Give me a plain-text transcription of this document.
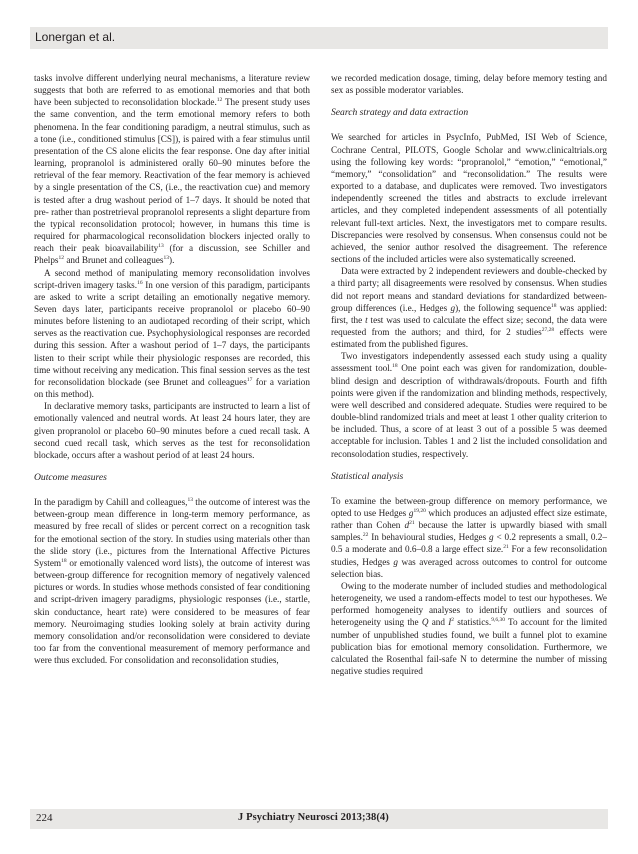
Lonergan et al.

tasks involve different underlying neural mechanisms, a literature review suggests that both are referred to as emotional memories and that both have been subjected to reconsolidation blockade.$^{12}$ The present study uses the same convention, and the term emotional memory refers to both phenomena. In the fear conditioning paradigm, a neutral stimulus, such as a tone (i.e., conditioned stimulus [CS]), is paired with a fear stimulus until presentation of the CS alone elicits the fear response. One day after initial learning, propranolol is administered orally 60–90 minutes before the retrieval of the fear memory. Reactivation of the fear memory is achieved by a single presentation of the CS, (i.e., the reactivation cue) and memory is tested after a drug washout period of 1–7 days. It should be noted that pre- rather than postretrieval propranolol represents a slight departure from the typical reconsolidation protocol; however, in humans this time is required for pharmacological reconsolidation blockers injected orally to reach their peak bioavailability$^{13}$ (for a discussion, see Schiller and Phelps$^{12}$ and Brunet and colleagues$^{13}$).

A second method of manipulating memory reconsolidation involves script-driven imagery tasks.$^{16}$ In one version of this paradigm, participants are asked to write a script detailing an emotionally negative memory. Seven days later, participants receive propranolol or placebo 60–90 minutes before listening to an audiotaped recording of their script, which serves as the reactivation cue. Psychophysiological responses are recorded during this session. After a washout period of 1–7 days, the participants listen to their script while their physiologic responses are recorded, this time without receiving any medication. This final session serves as the test for reconsolidation blockade (see Brunet and colleagues$^{17}$ for a variation on this method).

In declarative memory tasks, participants are instructed to learn a list of emotionally valenced and neutral words. At least 24 hours later, they are given propranolol or placebo 60–90 minutes before a cued recall task. A second cued recall task, which serves as the test for reconsolidation blockade, occurs after a washout period of at least 24 hours.

Outcome measures

In the paradigm by Cahill and colleagues,$^{13}$ the outcome of interest was the between-group mean difference in long-term memory performance, as measured by free recall of slides or percent correct on a recognition task for the emotional section of the story. In studies using materials other than the slide story (i.e., pictures from the International Affective Pictures System$^{18}$ or emotionally valenced word lists), the outcome of interest was between-group difference for recognition memory of negatively valenced pictures or words. In studies whose methods consisted of fear conditioning and script-driven imagery paradigms, physiologic responses (i.e., startle, skin conductance, heart rate) were considered to be measures of fear memory. Neuroimaging studies looking solely at brain activity during memory consolidation and/or reconsolidation were considered to deviate too far from the conventional measurement of memory performance and were thus excluded. For consolidation and reconsolidation studies,

we recorded medication dosage, timing, delay before memory testing and sex as possible moderator variables.

Search strategy and data extraction

We searched for articles in PsycInfo, PubMed, ISI Web of Science, Cochrane Central, PILOTS, Google Scholar and www.clinicaltrials.org using the following key words: “propranolol,” “emotion,” “emotional,” “memory,” “consolidation” and “reconsolidation.” The results were exported to a database, and duplicates were removed. Two investigators independently screened the titles and abstracts to exclude irrelevant articles, and they completed independent assessments of all potentially relevant full-text articles. Next, the investigators met to compare results. Discrepancies were resolved by consensus. When consensus could not be achieved, the senior author resolved the disagreement. The reference sections of the included articles were also systematically screened.

Data were extracted by 2 independent reviewers and double-checked by a third party; all disagreements were resolved by consensus. When studies did not report means and standard deviations for standardized between-group differences (i.e., Hedges g), the following sequence$^{18}$ was applied: first, the t test was used to calculate the effect size; second, the data were requested from the authors; and third, for 2 studies$^{27,28}$ effects were estimated from the published figures.

Two investigators independently assessed each study using a quality assessment tool.$^{18}$ One point each was given for randomization, double-blind design and description of withdrawals/dropouts. Fourth and fifth points were given if the randomization and blinding methods, respectively, were well described and considered adequate. Studies were required to be double-blind randomized trials and meet at least 1 other quality criterion to be included. Thus, a score of at least 3 out of a possible 5 was deemed acceptable for inclusion. Tables 1 and 2 list the included consolidation and reconsolodation studies, respectively.

Statistical analysis

To examine the between-group difference on memory performance, we opted to use Hedges g$^{19,20}$ which produces an adjusted effect size estimate, rather than Cohen d$^{21}$ because the latter is upwardly biased with small samples.$^{22}$ In behavioural studies, Hedges g < 0.2 represents a small, 0.2–0.5 a moderate and 0.6–0.8 a large effect size.$^{21}$ For a few reconsolidation studies, Hedges g was averaged across outcomes to control for outcome selection bias.

Owing to the moderate number of included studies and methodological heterogeneity, we used a random-effects model to test our hypotheses. We performed homogeneity analyses to identify outliers and sources of heterogeneity using the Q and I$^2$ statistics.$^{9,6,30}$ To account for the limited number of unpublished studies found, we built a funnel plot to examine publication bias for emotional memory consolidation. Furthermore, we calculated the Rosenthal fail-safe N to determine the number of missing negative studies required

224	J Psychiatry Neurosci 2013;38(4)
